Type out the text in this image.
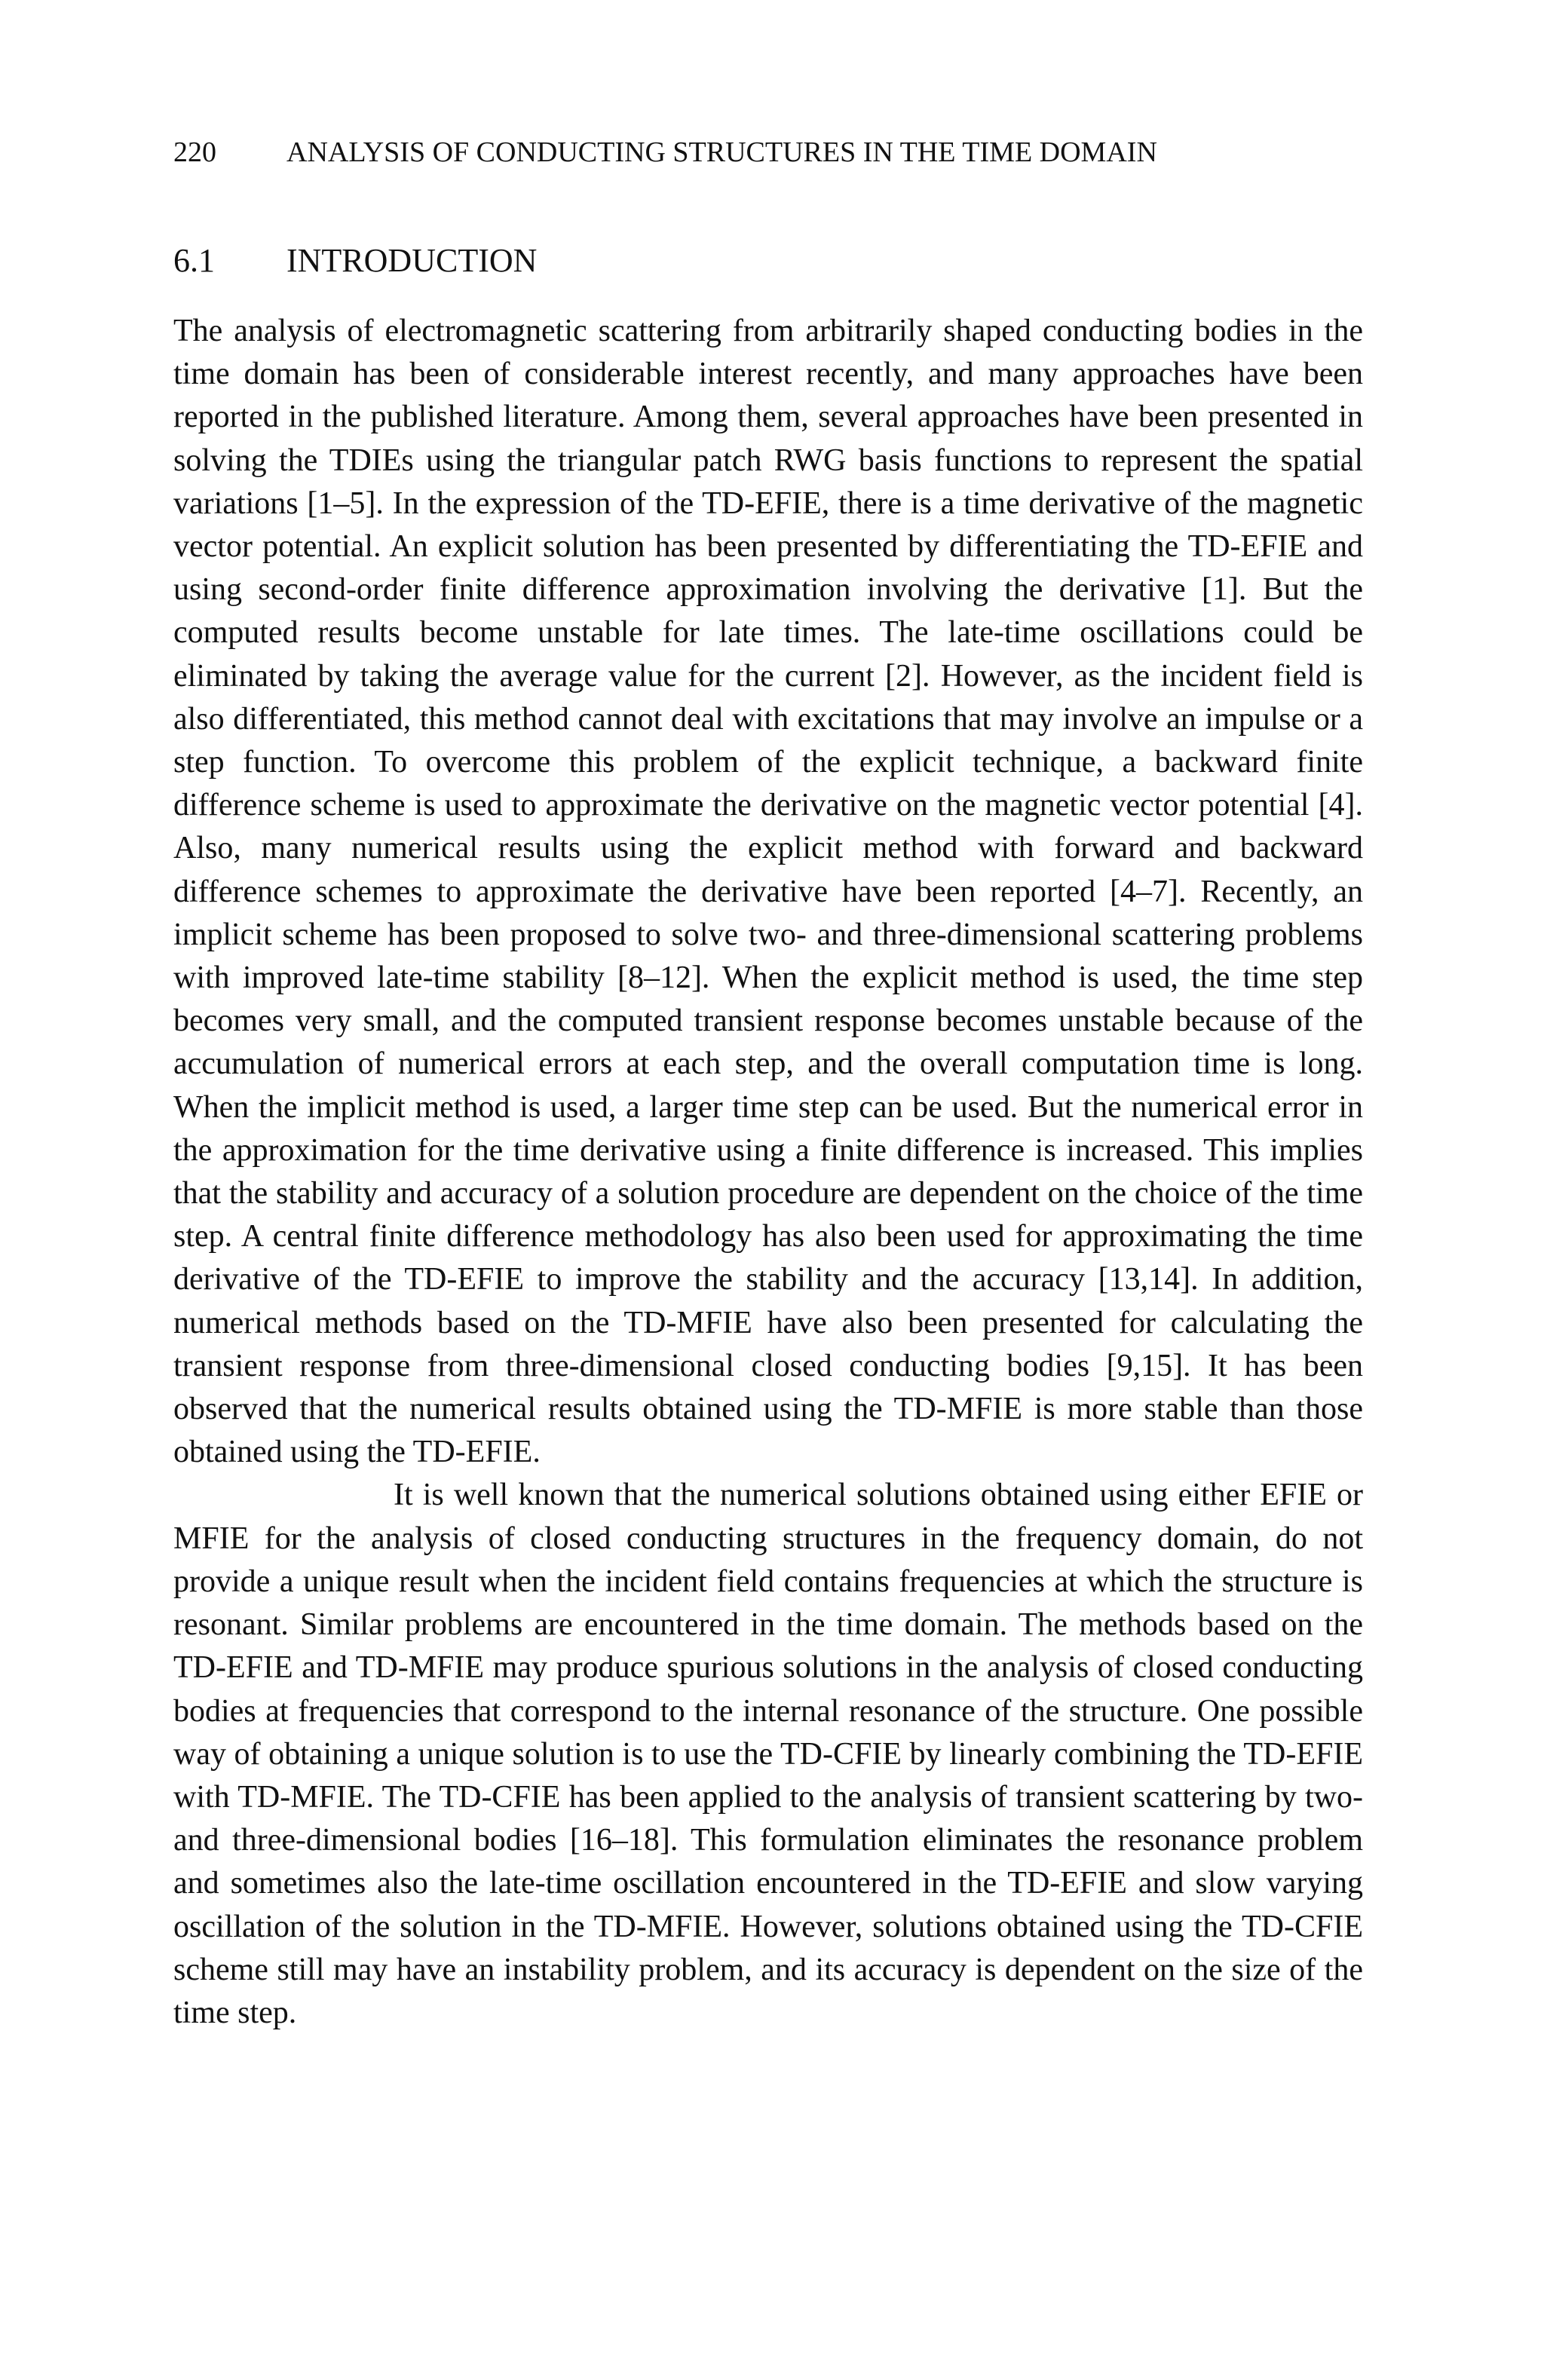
220 ANALYSIS OF CONDUCTING STRUCTURES IN THE TIME DOMAIN
6.1 INTRODUCTION

The analysis of electromagnetic scattering from arbitrarily shaped conducting bodies in the time domain has been of considerable interest recently, and many approaches have been reported in the published literature. Among them, several approaches have been presented in solving the TDIEs using the triangular patch RWG basis functions to represent the spatial variations [1–5]. In the expression of the TD-EFIE, there is a time derivative of the magnetic vector potential. An explicit solution has been presented by differentiating the TD-EFIE and using second-order finite difference approximation involving the derivative [1]. But the computed results become unstable for late times. The late-time oscillations could be eliminated by taking the average value for the current [2]. However, as the incident field is also differentiated, this method cannot deal with excitations that may involve an impulse or a step function. To overcome this problem of the explicit technique, a backward finite difference scheme is used to approximate the derivative on the magnetic vector potential [4]. Also, many numerical results using the explicit method with forward and backward difference schemes to approximate the derivative have been reported [4–7]. Recently, an implicit scheme has been proposed to solve two- and three-dimensional scattering problems with improved late-time stability [8–12]. When the explicit method is used, the time step becomes very small, and the computed transient response becomes unstable because of the accumulation of numerical errors at each step, and the overall computation time is long. When the implicit method is used, a larger time step can be used. But the numerical error in the approximation for the time derivative using a finite difference is increased. This implies that the stability and accuracy of a solution procedure are dependent on the choice of the time step. A central finite difference methodology has also been used for approximating the time derivative of the TD-EFIE to improve the stability and the accuracy [13,14]. In addition, numerical methods based on the TD-MFIE have also been presented for calculating the transient response from three-dimensional closed conducting bodies [9,15]. It has been observed that the numerical results obtained using the TD-MFIE is more stable than those obtained using the TD-EFIE.

It is well known that the numerical solutions obtained using either EFIE or MFIE for the analysis of closed conducting structures in the frequency domain, do not provide a unique result when the incident field contains frequencies at which the structure is resonant. Similar problems are encountered in the time domain. The methods based on the TD-EFIE and TD-MFIE may produce spurious solutions in the analysis of closed conducting bodies at frequencies that correspond to the internal resonance of the structure. One possible way of obtaining a unique solution is to use the TD-CFIE by linearly combining the TD-EFIE with TD-MFIE. The TD-CFIE has been applied to the analysis of transient scattering by two- and three-dimensional bodies [16–18]. This formulation eliminates the resonance problem and sometimes also the late-time oscillation encountered in the TD-EFIE and slow varying oscillation of the solution in the TD-MFIE. However, solutions obtained using the TD-CFIE scheme still may have an instability problem, and its accuracy is dependent on the size of the time step.
